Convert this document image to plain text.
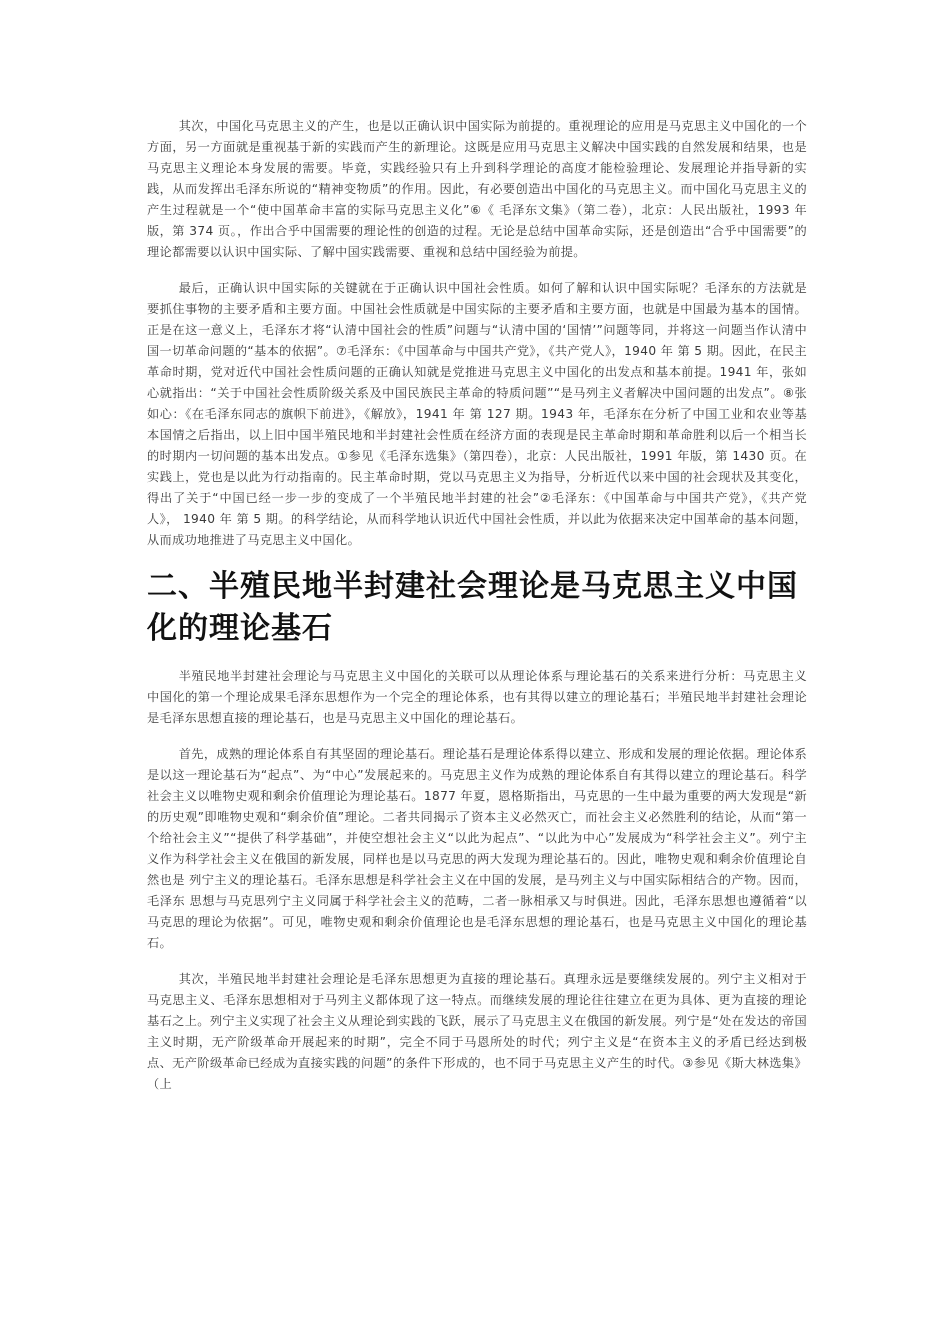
其次，中国化马克思主义的产生，也是以正确认识中国实际为前提的。重视理论的应用是马克思主义中国化的一个方面，另一方面就是重视基于新的实践而产生的新理论。这既是应用马克思主义解决中国实践的自然发展和结果，也是马克思主义理论本身发展的需要。毕竟，实践经验只有上升到科学理论的高度才能检验理论、发展理论并指导新的实践，从而发挥出毛泽东所说的“精神变物质”的作用。因此，有必要创造出中国化的马克思主义。而中国化马克思主义的产生过程就是一个“使中国革命丰富的实际马克思主义化”⑥《 毛泽东文集》（第二卷），北京：人民出版社，1993 年版，第 374 页。，作出合乎中国需要的理论性的创造的过程。无论是总结中国革命实际，还是创造出“合乎中国需要”的理论都需要以认识中国实际、了解中国实践需要、重视和总结中国经验为前提。

最后，正确认识中国实际的关键就在于正确认识中国社会性质。如何了解和认识中国实际呢？毛泽东的方法就是 要抓住事物的主要矛盾和主要方面。中国社会性质就是中国实际的主要矛盾和主要方面，也就是中国最为基本的国情。正是在这一意义上，毛泽东才将“认清中国社会的性质”问题与“认清中国的‘国情’”问题等同，并将这一问题当作认清中国一切革命问题的“基本的依据”。⑦毛泽东：《中国革命与中国共产党》，《共产党人》，1940 年 第 5 期。因此，在民主革命时期，党对近代中国社会性质问题的正确认知就是党推进马克思主义中国化的出发点和基本前提。1941 年，张如心就指出：“关于中国社会性质阶级关系及中国民族民主革命的特质问题”“是马列主义者解决中国问题的出发点”。⑧张如心：《在毛泽东同志的旗帜下前进》，《解放》，1941 年 第 127 期。1943 年，毛泽东在分析了中国工业和农业等基本国情之后指出，以上旧中国半殖民地和半封建社会性质在经济方面的表现是民主革命时期和革命胜利以后一个相当长的时期内一切问题的基本出发点。①参见《毛泽东选集》（第四卷），北京：人民出版社，1991 年版，第 1430 页。在实践上，党也是以此为行动指南的。民主革命时期，党以马克思主义为指导，分析近代以来中国的社会现状及其变化，得出了关于“中国已经一步一步的变成了一个半殖民地半封建的社会”②毛泽东：《中国革命与中国共产党》，《共产党人》， 1940 年 第 5 期。的科学结论，从而科学地认识近代中国社会性质，并以此为依据来决定中国革命的基本问题，从而成功地推进了马克思主义中国化。

二、半殖民地半封建社会理论是马克思主义中国化的理论基石

半殖民地半封建社会理论与马克思主义中国化的关联可以从理论体系与理论基石的关系来进行分析：马克思主义 中国化的第一个理论成果毛泽东思想作为一个完全的理论体系，也有其得以建立的理论基石；半殖民地半封建社会理论 是毛泽东思想直接的理论基石，也是马克思主义中国化的理论基石。

首先，成熟的理论体系自有其坚固的理论基石。理论基石是理论体系得以建立、形成和发展的理论依据。理论体系是以这一理论基石为“起点”、为“中心”发展起来的。马克思主义作为成熟的理论体系自有其得以建立的理论基石。科学社会主义以唯物史观和剩余价值理论为理论基石。1877 年夏，恩格斯指出，马克思的一生中最为重要的两大发现是“新的历史观”即唯物史观和“剩余价值”理论。二者共同揭示了资本主义必然灭亡，而社会主义必然胜利的结论，从而“第一个给社会主义”“提供了科学基础”，并使空想社会主义“以此为起点”、“以此为中心”发展成为“科学社会主义”。列宁主义作为科学社会主义在俄国的新发展，同样也是以马克思的两大发现为理论基石的。因此，唯物史观和剩余价值理论自然也是 列宁主义的理论基石。毛泽东思想是科学社会主义在中国的发展，是马列主义与中国实际相结合的产物。因而，毛泽东 思想与马克思列宁主义同属于科学社会主义的范畴，二者一脉相承又与时俱进。因此，毛泽东思想也遵循着“以马克思的理论为依据”。可见，唯物史观和剩余价值理论也是毛泽东思想的理论基石，也是马克思主义中国化的理论基石。

其次，半殖民地半封建社会理论是毛泽东思想更为直接的理论基石。真理永远是要继续发展的。列宁主义相对于 马克思主义、毛泽东思想相对于马列主义都体现了这一特点。而继续发展的理论往往建立在更为具体、更为直接的理论基石之上。列宁主义实现了社会主义从理论到实践的飞跃，展示了马克思主义在俄国的新发展。列宁是“处在发达的帝国主义时期，无产阶级革命开展起来的时期”，完全不同于马恩所处的时代；列宁主义是“在资本主义的矛盾已经达到极点、无产阶级革命已经成为直接实践的问题”的条件下形成的，也不同于马克思主义产生的时代。③参见《斯大林选集》（上
